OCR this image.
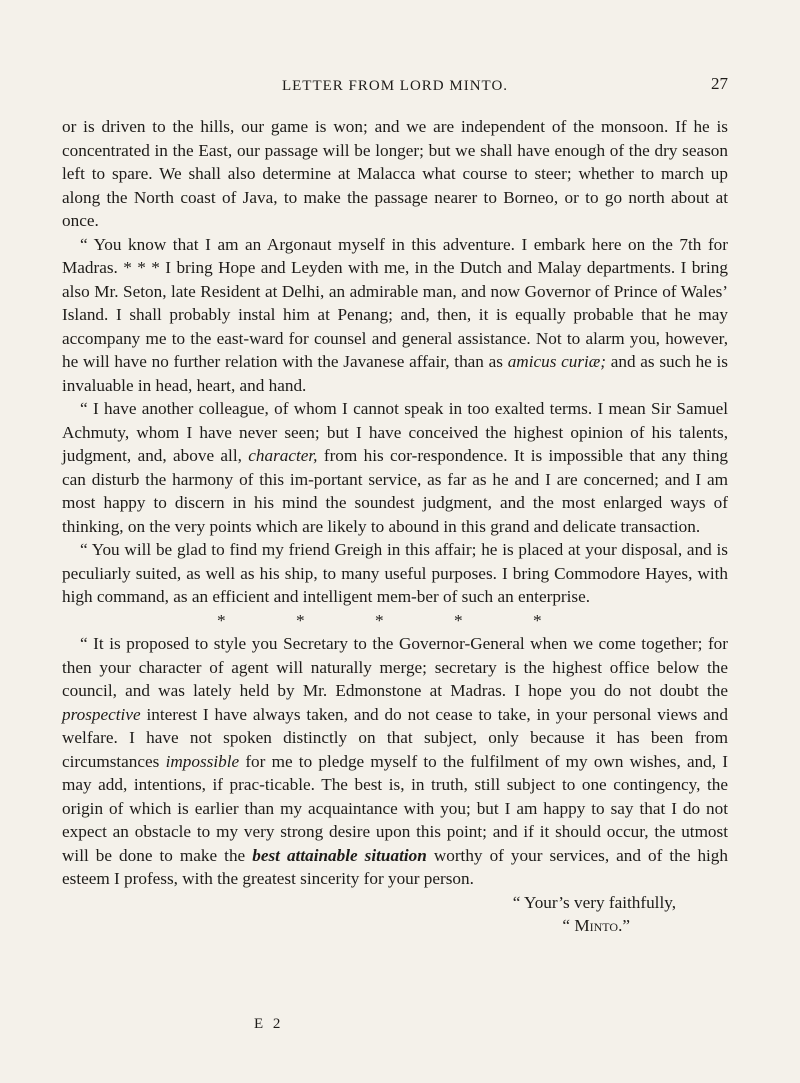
LETTER FROM LORD MINTO.	27

or is driven to the hills, our game is won; and we are independent of the monsoon. If he is concentrated in the East, our passage will be longer; but we shall have enough of the dry season left to spare. We shall also determine at Malacca what course to steer; whether to march up along the North coast of Java, to make the passage nearer to Borneo, or to go north about at once.

“ You know that I am an Argonaut myself in this adventure. I embark here on the 7th for Madras. * * * I bring Hope and Leyden with me, in the Dutch and Malay departments. I bring also Mr. Seton, late Resident at Delhi, an admirable man, and now Governor of Prince of Wales’ Island. I shall probably instal him at Penang; and, then, it is equally probable that he may accompany me to the east-ward for counsel and general assistance. Not to alarm you, however, he will have no further relation with the Javanese affair, than as amicus curiæ; and as such he is invaluable in head, heart, and hand.

“ I have another colleague, of whom I cannot speak in too exalted terms. I mean Sir Samuel Achmuty, whom I have never seen; but I have conceived the highest opinion of his talents, judgment, and, above all, character, from his cor-respondence. It is impossible that any thing can disturb the harmony of this im-portant service, as far as he and I are concerned; and I am most happy to discern in his mind the soundest judgment, and the most enlarged ways of thinking, on the very points which are likely to abound in this grand and delicate transaction.

“ You will be glad to find my friend Greigh in this affair; he is placed at your disposal, and is peculiarly suited, as well as his ship, to many useful purposes. I bring Commodore Hayes, with high command, as an efficient and intelligent mem-ber of such an enterprise.

*	*	*	*	*

“ It is proposed to style you Secretary to the Governor-General when we come together; for then your character of agent will naturally merge; secretary is the highest office below the council, and was lately held by Mr. Edmonstone at Madras. I hope you do not doubt the prospective interest I have always taken, and do not cease to take, in your personal views and welfare. I have not spoken distinctly on that subject, only because it has been from circumstances impossible for me to pledge myself to the fulfilment of my own wishes, and, I may add, intentions, if prac-ticable. The best is, in truth, still subject to one contingency, the origin of which is earlier than my acquaintance with you; but I am happy to say that I do not expect an obstacle to my very strong desire upon this point; and if it should occur, the utmost will be done to make the best attainable situation worthy of your services, and of the high esteem I profess, with the greatest sincerity for your person.

“ Your’s very faithfully,

“ Minto.”

E 2
